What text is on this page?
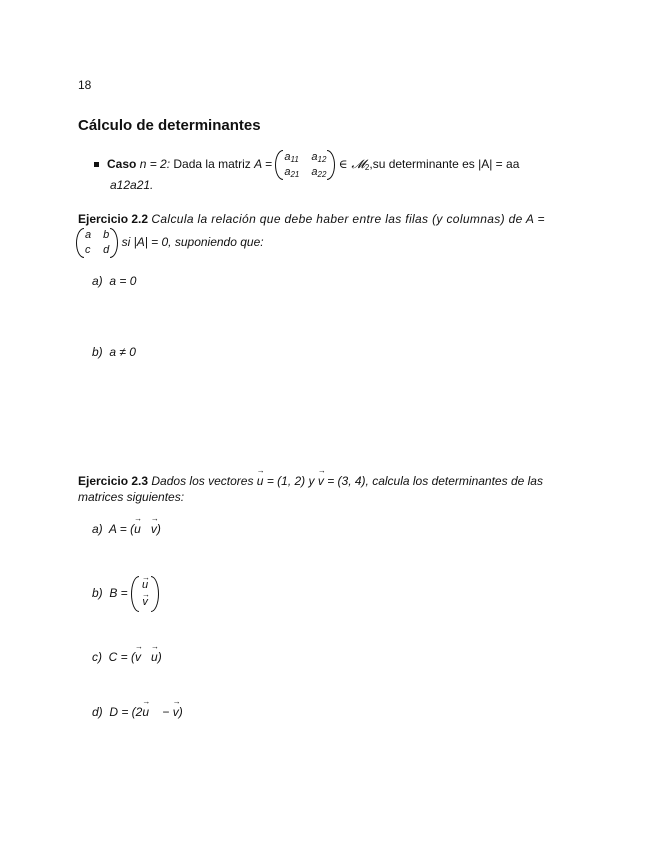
18
Cálculo de determinantes
Caso n = 2: Dada la matriz A =
$a_{11}$ $a_{12}$
$a_{21}$ $a_{22}$
∈ 𝓜$_2$,su determinante es |A| = aa
a12a21.
Ejercicio 2.2 Calcula la relación que debe haber entre las filas (y columnas) de A =
a b
c d
si |A| = 0, suponiendo que:
a) a = 0
b) a ≠ 0
Ejercicio 2.3 Dados los vectores → u = (1, 2) y → v = (3, 4), calcula los determinantes de las
matrices siguientes:
a) A = (→ u → v)
b) B =
→ u
→ v
c) C = (→ v → u)
d) D = (2→ u − → v)
